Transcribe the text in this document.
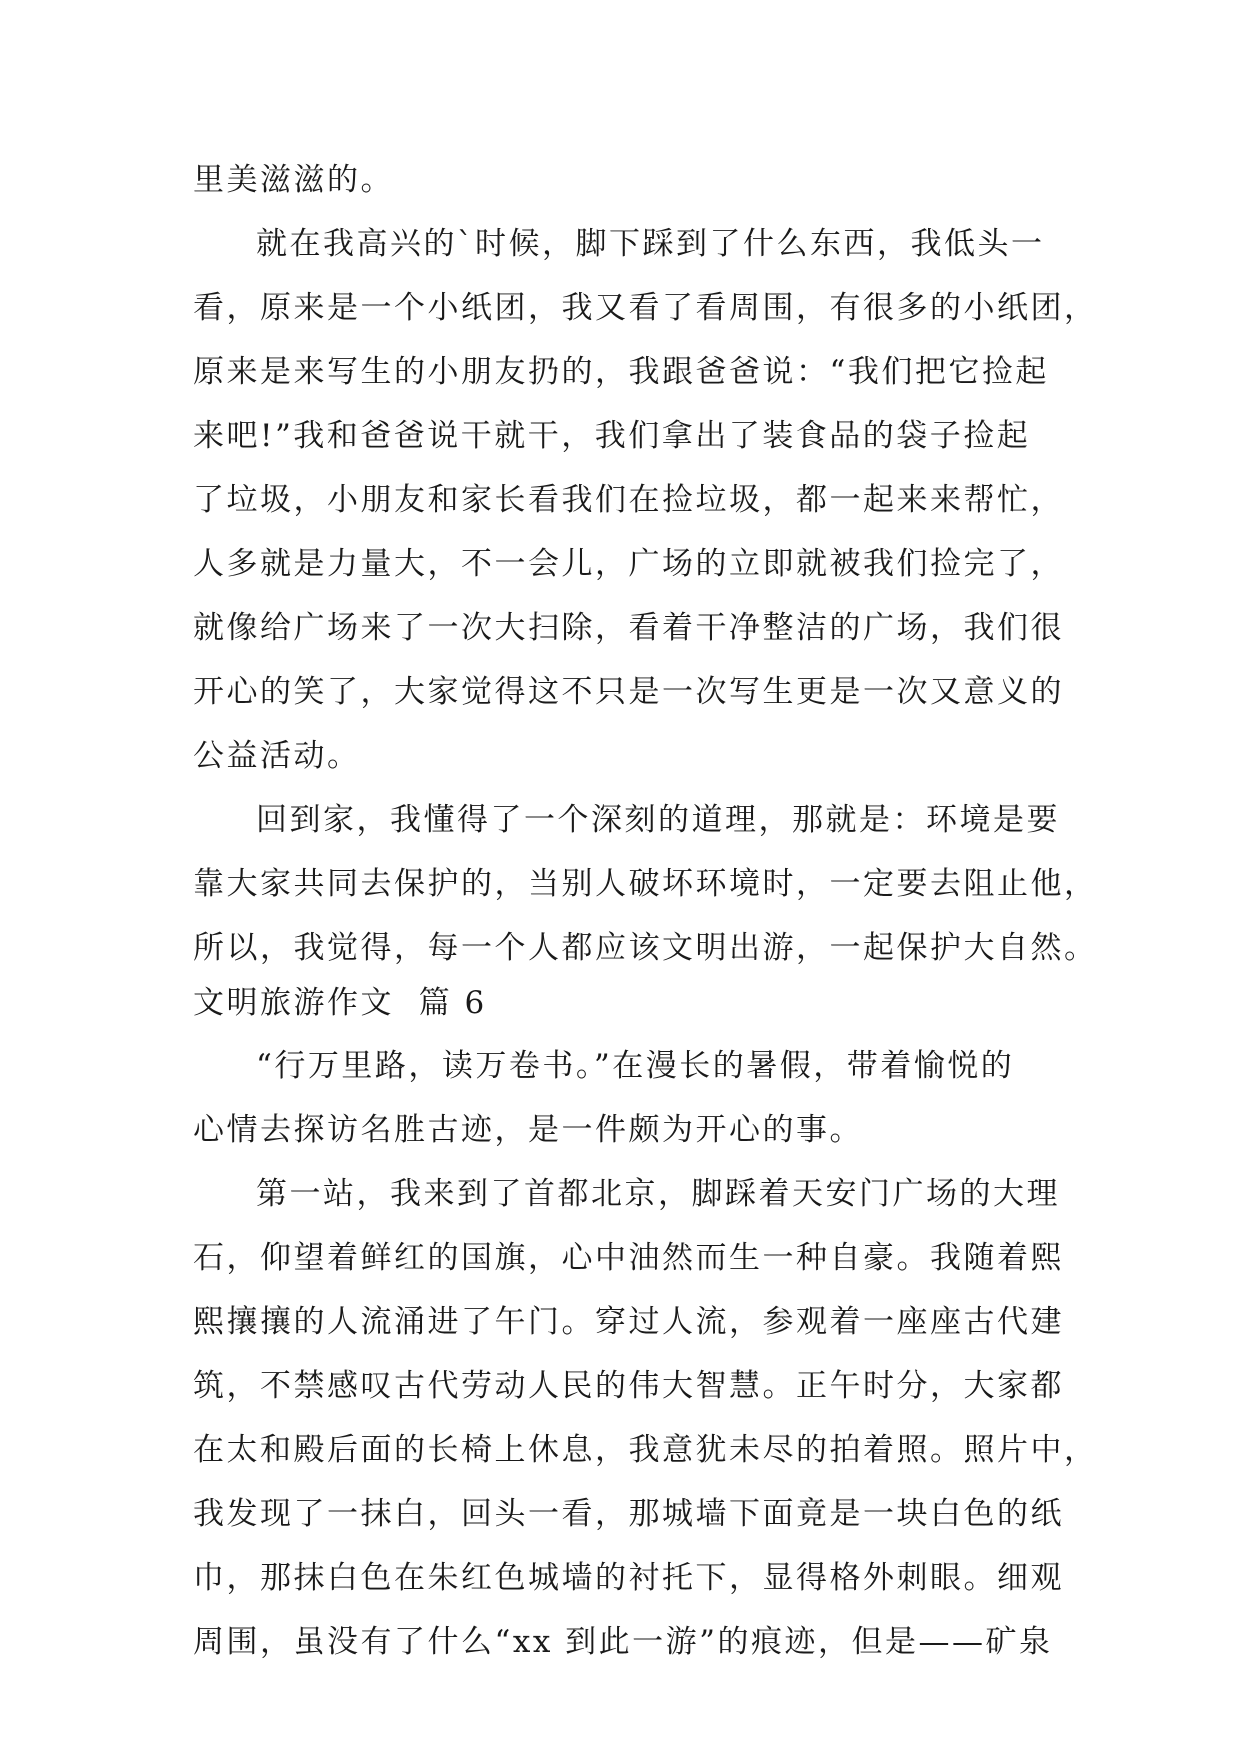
里美滋滋的。
就在我高兴的`时候，脚下踩到了什么东西，我低头一
看，原来是一个小纸团，我又看了看周围，有很多的小纸团，
原来是来写生的小朋友扔的，我跟爸爸说：“我们把它捡起
来吧!”我和爸爸说干就干，我们拿出了装食品的袋子捡起
了垃圾，小朋友和家长看我们在捡垃圾，都一起来来帮忙，
人多就是力量大，不一会儿，广场的立即就被我们捡完了，
就像给广场来了一次大扫除，看着干净整洁的广场，我们很
开心的笑了，大家觉得这不只是一次写生更是一次又意义的
公益活动。
回到家，我懂得了一个深刻的道理，那就是：环境是要
靠大家共同去保护的，当别人破坏环境时，一定要去阻止他，
所以，我觉得，每一个人都应该文明出游，一起保护大自然。
文明旅游作文  篇 6
“行万里路，读万卷书。”在漫长的暑假，带着愉悦的
心情去探访名胜古迹，是一件颇为开心的事。
第一站，我来到了首都北京，脚踩着天安门广场的大理
石，仰望着鲜红的国旗，心中油然而生一种自豪。我随着熙
熙攘攘的人流涌进了午门。穿过人流，参观着一座座古代建
筑，不禁感叹古代劳动人民的伟大智慧。正午时分，大家都
在太和殿后面的长椅上休息，我意犹未尽的拍着照。照片中，
我发现了一抹白，回头一看，那城墙下面竟是一块白色的纸
巾，那抹白色在朱红色城墙的衬托下，显得格外刺眼。细观
周围，虽没有了什么“xx 到此一游”的痕迹，但是——矿泉
